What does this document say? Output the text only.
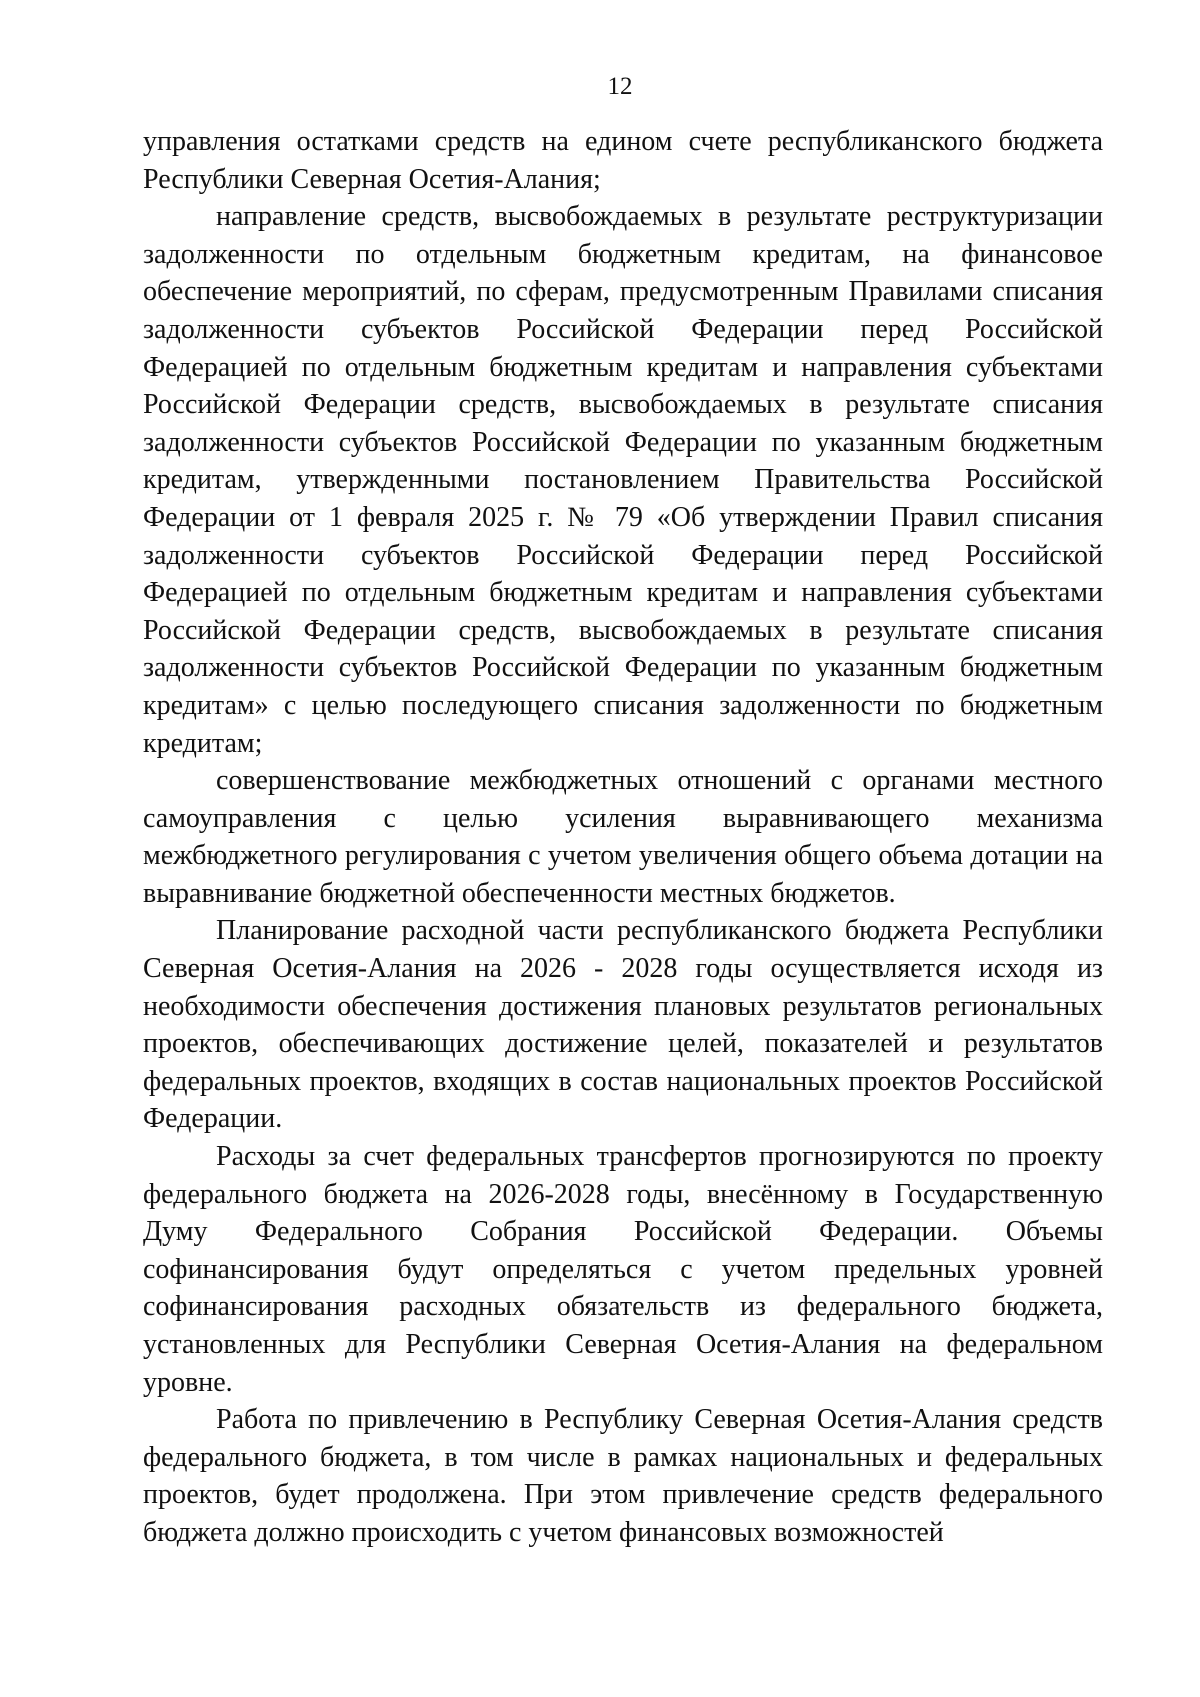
12

управления остатками средств на едином счете республиканского бюджета Республики Северная Осетия-Алания;

направление средств, высвобождаемых в результате реструктуризации задолженности по отдельным бюджетным кредитам, на финансовое обеспечение мероприятий, по сферам, предусмотренным Правилами списания задолженности субъектов Российской Федерации перед Российской Федерацией по отдельным бюджетным кредитам и направления субъектами Российской Федерации средств, высвобождаемых в результате списания задолженности субъектов Российской Федерации по указанным бюджетным кредитам, утвержденными постановлением Правительства Российской Федерации от 1 февраля 2025 г. № 79 «Об утверждении Правил списания задолженности субъектов Российской Федерации перед Российской Федерацией по отдельным бюджетным кредитам и направления субъектами Российской Федерации средств, высвобождаемых в результате списания задолженности субъектов Российской Федерации по указанным бюджетным кредитам» с целью последующего списания задолженности по бюджетным кредитам;

совершенствование межбюджетных отношений с органами местного самоуправления с целью усиления выравнивающего механизма межбюджетного регулирования с учетом увеличения общего объема дотации на выравнивание бюджетной обеспеченности местных бюджетов.

Планирование расходной части республиканского бюджета Республики Северная Осетия-Алания на 2026 - 2028 годы осуществляется исходя из необходимости обеспечения достижения плановых результатов региональных проектов, обеспечивающих достижение целей, показателей и результатов федеральных проектов, входящих в состав национальных проектов Российской Федерации.

Расходы за счет федеральных трансфертов прогнозируются по проекту федерального бюджета на 2026-2028 годы, внесённому в Государственную Думу Федерального Собрания Российской Федерации. Объемы софинансирования будут определяться с учетом предельных уровней софинансирования расходных обязательств из федерального бюджета, установленных для Республики Северная Осетия-Алания на федеральном уровне.

Работа по привлечению в Республику Северная Осетия-Алания средств федерального бюджета, в том числе в рамках национальных и федеральных проектов, будет продолжена. При этом привлечение средств федерального бюджета должно происходить с учетом финансовых возможностей
